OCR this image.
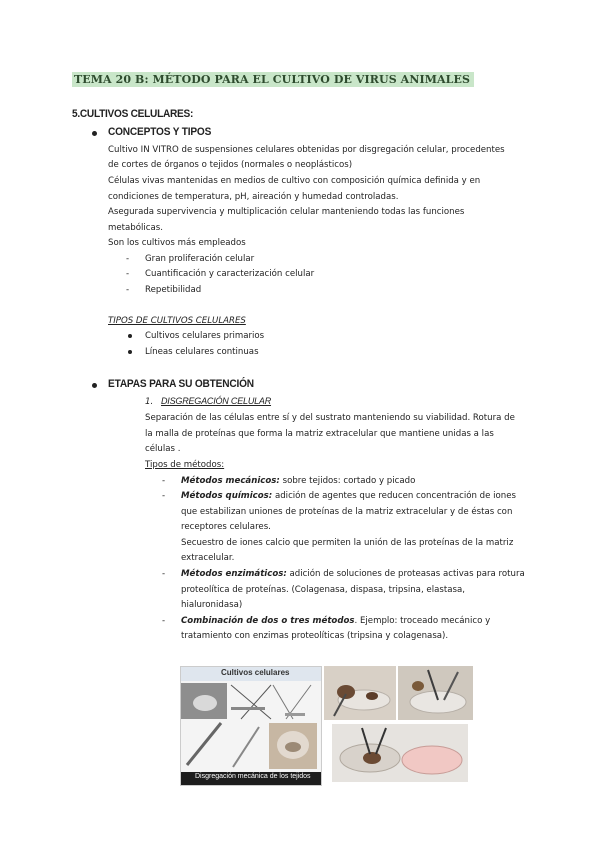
TEMA 20 B: MÉTODO PARA EL CULTIVO DE VIRUS ANIMALES
5.CULTIVOS CELULARES:
CONCEPTOS Y TIPOS
Cultivo IN VITRO de suspensiones celulares obtenidas por disgregación celular, procedentes
de cortes de órganos o tejidos (normales o neoplásticos)
Células vivas mantenidas en medios de cultivo con composición química definida y en
condiciones de temperatura, pH, aireación y humedad controladas.
Asegurada supervivencia y multiplicación celular manteniendo todas las funciones
metabólicas.
Son los cultivos más empleados
- Gran proliferación celular
- Cuantificación y caracterización celular
- Repetibilidad
TIPOS DE CULTIVOS CELULARES
Cultivos celulares primarios
Líneas celulares continuas
ETAPAS PARA SU OBTENCIÓN
1. DISGREGACIÓN CELULAR
Separación de las células entre sí y del sustrato manteniendo su viabilidad. Rotura de
la malla de proteínas que forma la matriz extracelular que mantiene unidas a las
células .
Tipos de métodos:
- Métodos mecánicos: sobre tejidos: cortado y picado
- Métodos químicos: adición de agentes que reducen concentración de iones
que estabilizan uniones de proteínas de la matriz extracelular y de éstas con
receptores celulares.
Secuestro de iones calcio que permiten la unión de las proteínas de la matriz
extracelular.
- Métodos enzimáticos: adición de soluciones de proteasas activas para rotura
proteolítica de proteínas. (Colagenasa, dispasa, tripsina, elastasa,
hialuronidasa)
- Combinación de dos o tres métodos. Ejemplo: troceado mecánico y
tratamiento con enzimas proteolíticas (tripsina y colagenasa).
Cultivos celulares
Disgregación mecánica de los tejidos
